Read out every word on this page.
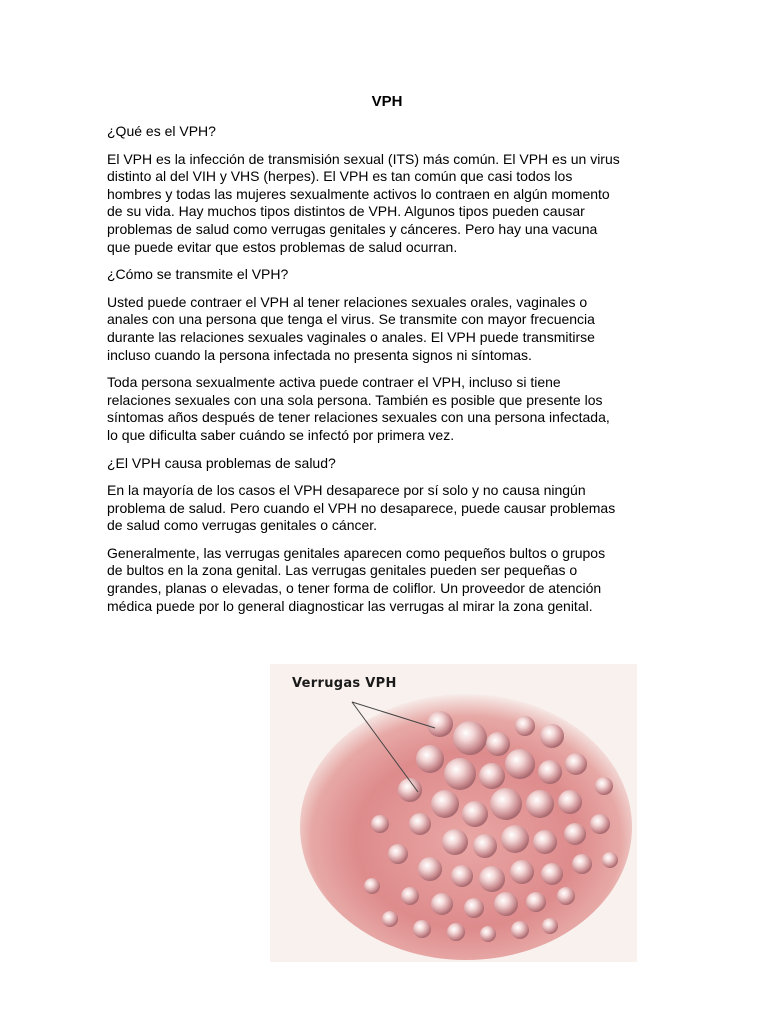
VPH
¿Qué es el VPH?
El VPH es la infección de transmisión sexual (ITS) más común. El VPH es un virus
distinto al del VIH y VHS (herpes). El VPH es tan común que casi todos los
hombres y todas las mujeres sexualmente activos lo contraen en algún momento
de su vida. Hay muchos tipos distintos de VPH. Algunos tipos pueden causar
problemas de salud como verrugas genitales y cánceres. Pero hay una vacuna
que puede evitar que estos problemas de salud ocurran.
¿Cómo se transmite el VPH?
Usted puede contraer el VPH al tener relaciones sexuales orales, vaginales o
anales con una persona que tenga el virus. Se transmite con mayor frecuencia
durante las relaciones sexuales vaginales o anales. El VPH puede transmitirse
incluso cuando la persona infectada no presenta signos ni síntomas.
Toda persona sexualmente activa puede contraer el VPH, incluso si tiene
relaciones sexuales con una sola persona. También es posible que presente los
síntomas años después de tener relaciones sexuales con una persona infectada,
lo que dificulta saber cuándo se infectó por primera vez.
¿El VPH causa problemas de salud?
En la mayoría de los casos el VPH desaparece por sí solo y no causa ningún
problema de salud. Pero cuando el VPH no desaparece, puede causar problemas
de salud como verrugas genitales o cáncer.
Generalmente, las verrugas genitales aparecen como pequeños bultos o grupos
de bultos en la zona genital. Las verrugas genitales pueden ser pequeñas o
grandes, planas o elevadas, o tener forma de coliflor. Un proveedor de atención
médica puede por lo general diagnosticar las verrugas al mirar la zona genital.
Verrugas VPH
